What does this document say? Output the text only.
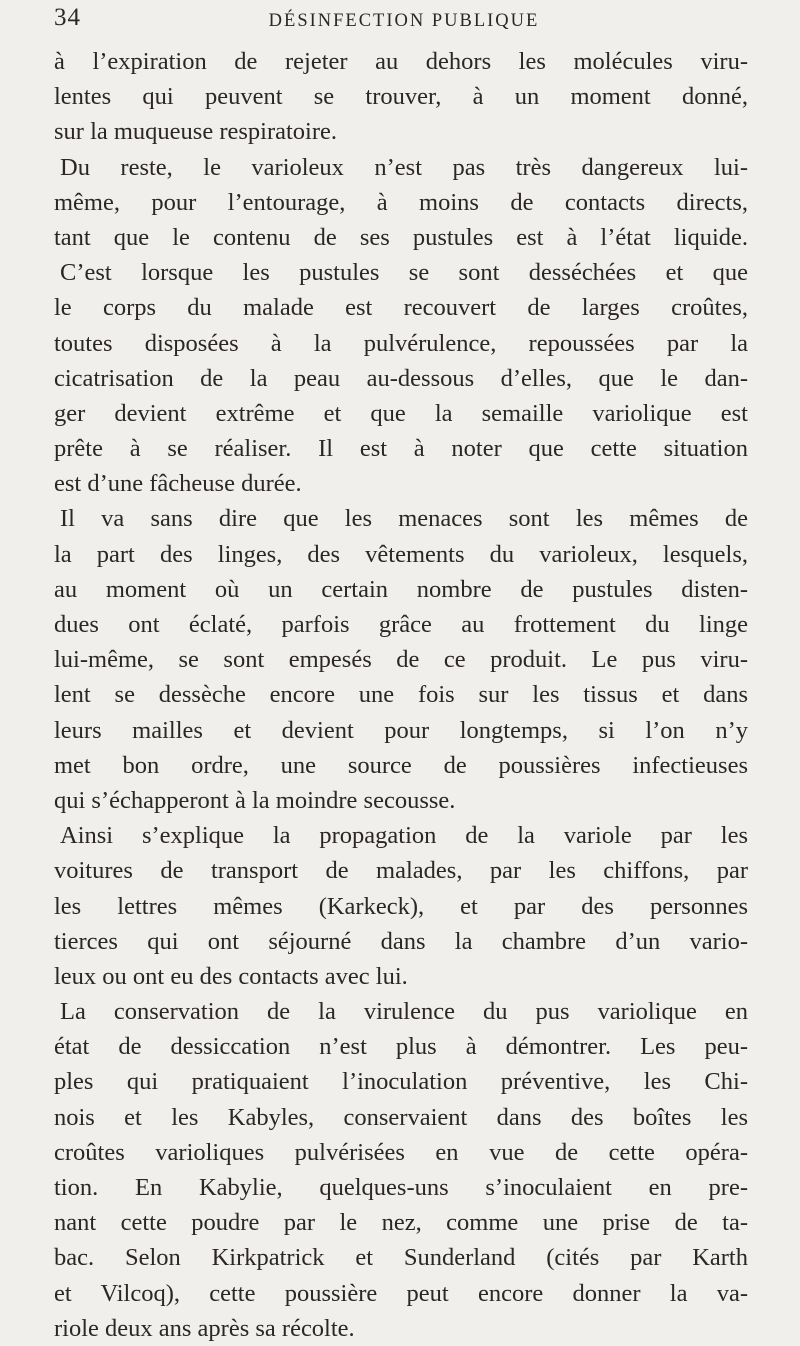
34	DÉSINFECTION PUBLIQUE
à l’expiration de rejeter au dehors les molécules viru-
lentes qui peuvent se trouver, à un moment donné,
sur la muqueuse respiratoire.
Du reste, le varioleux n’est pas très dangereux lui-
même, pour l’entourage, à moins de contacts directs,
tant que le contenu de ses pustules est à l’état liquide.
C’est lorsque les pustules se sont desséchées et que
le corps du malade est recouvert de larges croûtes,
toutes disposées à la pulvérulence, repoussées par la
cicatrisation de la peau au-dessous d’elles, que le dan-
ger devient extrême et que la semaille variolique est
prête à se réaliser. Il est à noter que cette situation
est d’une fâcheuse durée.
Il va sans dire que les menaces sont les mêmes de
la part des linges, des vêtements du varioleux, lesquels,
au moment où un certain nombre de pustules disten-
dues ont éclaté, parfois grâce au frottement du linge
lui-même, se sont empesés de ce produit. Le pus viru-
lent se dessèche encore une fois sur les tissus et dans
leurs mailles et devient pour longtemps, si l’on n’y
met bon ordre, une source de poussières infectieuses
qui s’échapperont à la moindre secousse.
Ainsi s’explique la propagation de la variole par les
voitures de transport de malades, par les chiffons, par
les lettres mêmes (Karkeck), et par des personnes
tierces qui ont séjourné dans la chambre d’un vario-
leux ou ont eu des contacts avec lui.
La conservation de la virulence du pus variolique en
état de dessiccation n’est plus à démontrer. Les peu-
ples qui pratiquaient l’inoculation préventive, les Chi-
nois et les Kabyles, conservaient dans des boîtes les
croûtes varioliques pulvérisées en vue de cette opéra-
tion. En Kabylie, quelques-uns s’inoculaient en pre-
nant cette poudre par le nez, comme une prise de ta-
bac. Selon Kirkpatrick et Sunderland (cités par Karth
et Vilcoq), cette poussière peut encore donner la va-
riole deux ans après sa récolte.
